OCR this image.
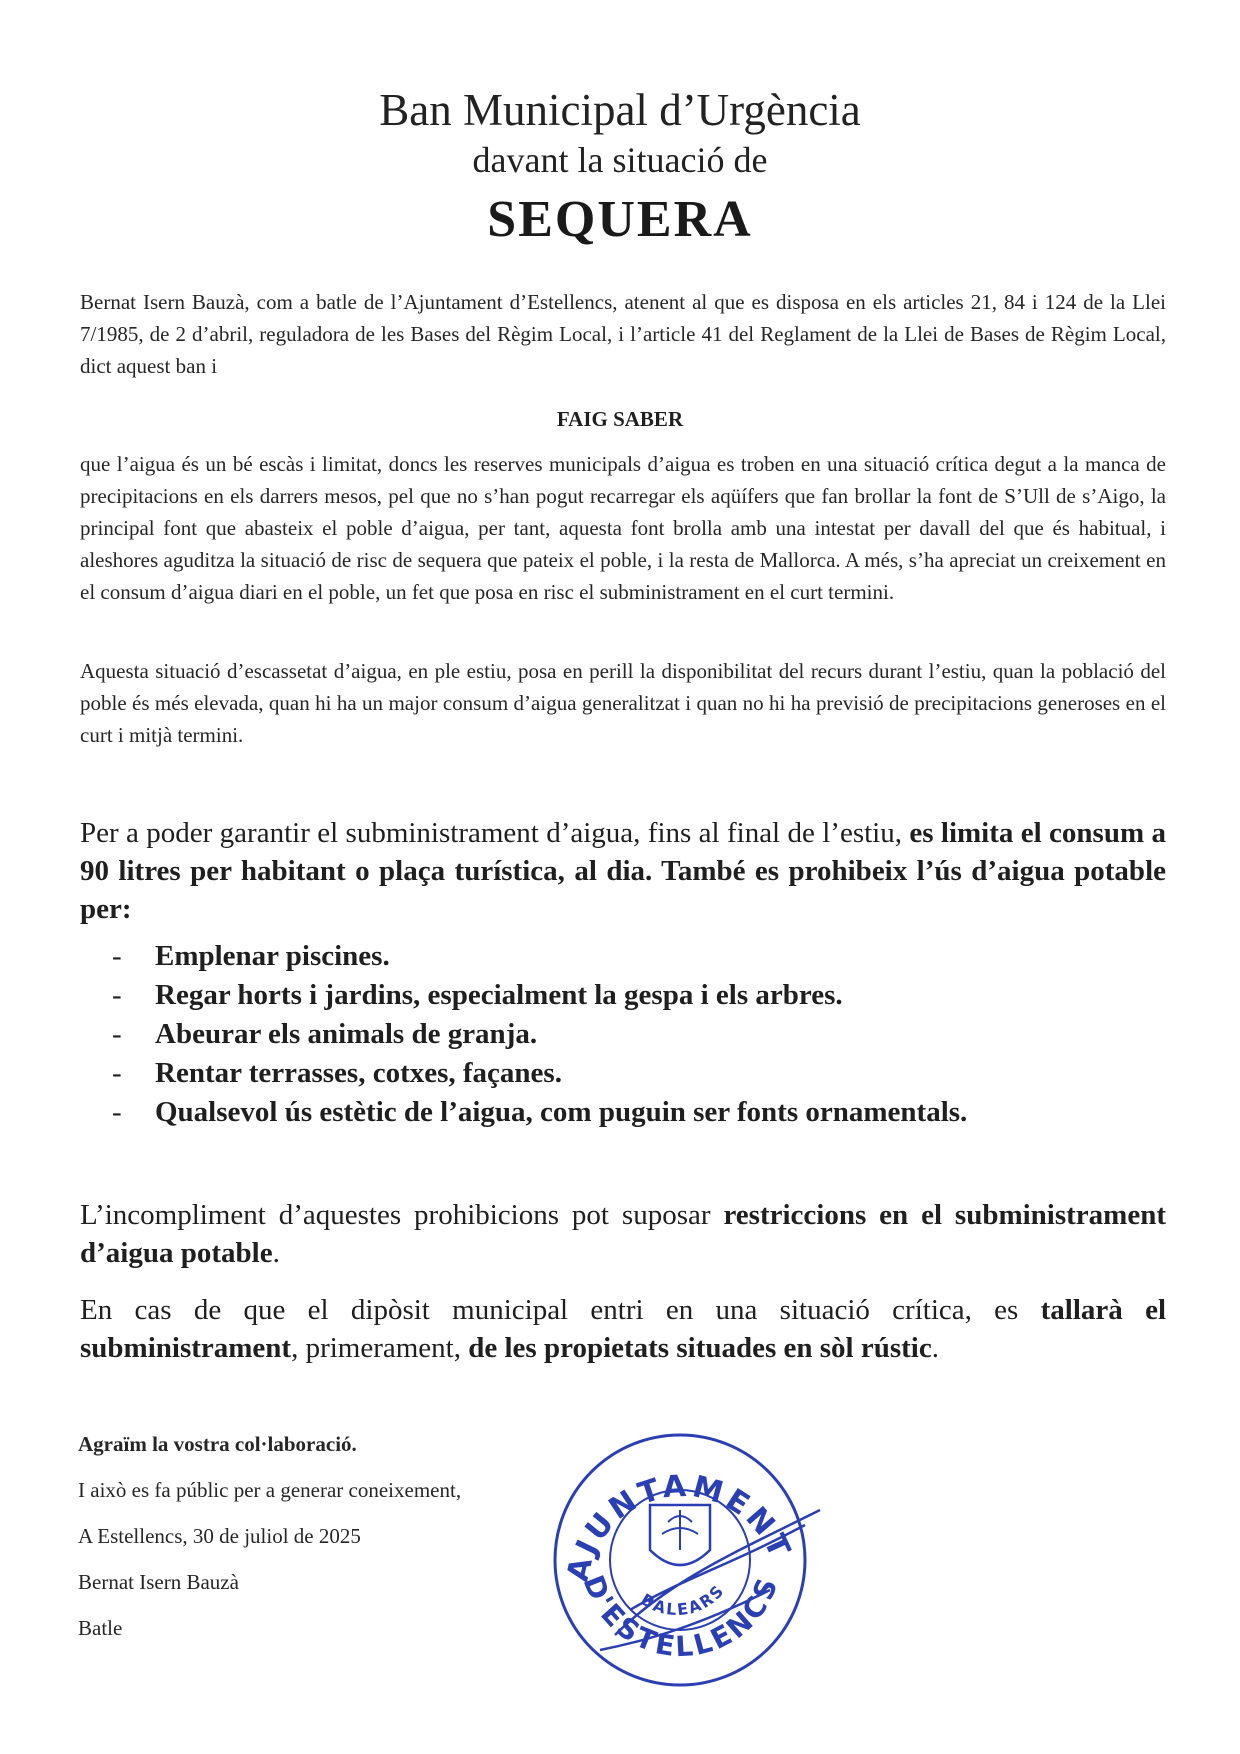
Ban Municipal d’Urgència
davant la situació de
SEQUERA

Bernat Isern Bauzà, com a batle de l’Ajuntament d’Estellencs, atenent al que es disposa en els articles 21, 84 i 124 de la Llei 7/1985, de 2 d’abril, reguladora de les Bases del Règim Local, i l’article 41 del Reglament de la Llei de Bases de Règim Local, dict aquest ban i

FAIG SABER

que l’aigua és un bé escàs i limitat, doncs les reserves municipals d’aigua es troben en una situació crítica degut a la manca de precipitacions en els darrers mesos, pel que no s’han pogut recarregar els aqüífers que fan brollar la font de S’Ull de s’Aigo, la principal font que abasteix el poble d’aigua, per tant, aquesta font brolla amb una intestat per davall del que és habitual, i aleshores aguditza la situació de risc de sequera que pateix el poble, i la resta de Mallorca. A més, s’ha apreciat un creixement en el consum d’aigua diari en el poble, un fet que posa en risc el subministrament en el curt termini.

Aquesta situació d’escassetat d’aigua, en ple estiu, posa en perill la disponibilitat del recurs durant l’estiu, quan la població del poble és més elevada, quan hi ha un major consum d’aigua generalitzat i quan no hi ha previsió de precipitacions generoses en el curt i mitjà termini.

Per a poder garantir el subministrament d’aigua, fins al final de l’estiu, es limita el consum a 90 litres per habitant o plaça turística, al dia. També es prohibeix l’ús d’aigua potable per:

- Emplenar piscines.
- Regar horts i jardins, especialment la gespa i els arbres.
- Abeurar els animals de granja.
- Rentar terrasses, cotxes, façanes.
- Qualsevol ús estètic de l’aigua, com puguin ser fonts ornamentals.

L’incompliment d’aquestes prohibicions pot suposar restriccions en el subministrament d’aigua potable.

En cas de que el dipòsit municipal entri en una situació crítica, es tallarà el subministrament, primerament, de les propietats situades en sòl rústic.

Agraïm la vostra col·laboració.
I això es fa públic per a generar coneixement,
A Estellencs, 30 de juliol de 2025
Bernat Isern Bauzà
Batle
AJUNTAMENT
D'ESTELLENCS
BALEARS
